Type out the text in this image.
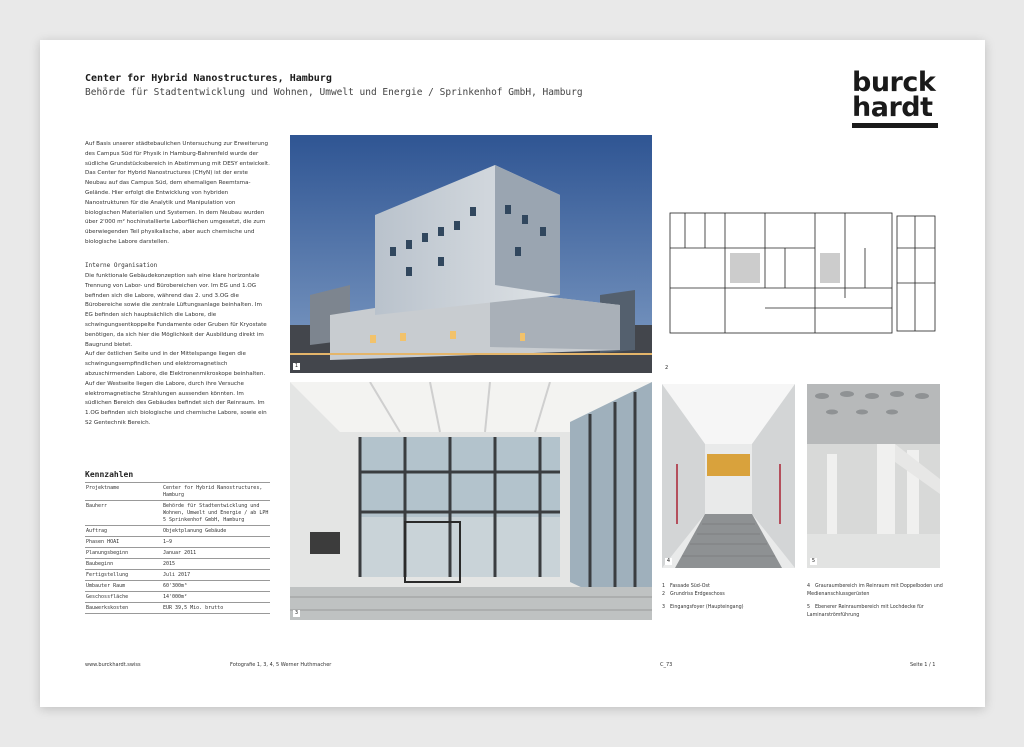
Center for Hybrid Nanostructures, Hamburg
Behörde für Stadtentwicklung und Wohnen, Umwelt und Energie / Sprinkenhof GmbH, Hamburg	burck
hardt

Auf Basis unserer städtebaulichen Untersuchung zur Erweiterung des Campus Süd für Physik in Hamburg-Bahrenfeld wurde der südliche Grundstücksbereich in Abstimmung mit DESY entwickelt. Das Center for Hybrid Nanostructures (CHyN) ist der erste Neubau auf das Campus Süd, dem ehemaligen Reemtsma-Gelände. Hier erfolgt die Entwicklung von hybriden Nanostrukturen für die Analytik und Manipulation von biologischen Materialien und Systemen. In dem Neubau wurden über 2'000 m² hochinstallierte Laborflächen umgesetzt, die zum überwiegenden Teil physikalische, aber auch chemische und biologische Labore darstellen.

Interne Organisation

Die funktionale Gebäudekonzeption sah eine klare horizontale Trennung von Labor- und Bürobereichen vor. Im EG und 1.OG befinden sich die Labore, während das 2. und 3.OG die Bürobereiche sowie die zentrale Lüftungsanlage beinhalten. Im EG befinden sich hauptsächlich die Labore, die schwingungsentkoppelte Fundamente oder Gruben für Kryostate benötigen, da sich hier die Möglichkeit der Ausbildung direkt im Baugrund bietet.

Auf der östlichen Seite und in der Mittelspange liegen die schwingungsempfindlichen und elektromagnetisch abzuschirmenden Labore, die Elektronenmikroskope beinhalten. Auf der Westseite liegen die Labore, durch ihre Versuche elektromagnetische Strahlungen aussenden könnten. Im südlichen Bereich des Gebäudes befindet sich der Reinraum. Im 1.OG befinden sich biologische und chemische Labore, sowie ein S2 Gentechnik Bereich.

Kennzahlen
Projektname	Center for Hybrid Nanostructures, Hamburg
Bauherr	Behörde für Stadtentwicklung und Wohnen, Umwelt und Energie / ab LPH 5 Sprinkenhof GmbH, Hamburg
Auftrag	Objektplanung Gebäude
Phasen HOAI	1–9
Planungsbeginn	Januar 2011
Baubeginn	2015
Fertigstellung	Juli 2017
Umbauter Raum	60'300m³
Geschossfläche	14'000m²
Bauwerkskosten	EUR 39,5 Mio. brutto
1	2
3
4	5
1 Fassade Süd-Ost
2 Grundriss Erdgeschoss
3 Eingangsfoyer (Haupteingang)
4 Grauraumbereich im Reinraum mit Doppelboden und Medienanschlussgerüsten
5 Ebenerer Reinraumbereich mit Lochdecke für Laminarströmführung
www.burckhardt.swiss	Fotografie 1, 3, 4, 5 Werner Huthmacher	C_73	Seite 1 / 1
